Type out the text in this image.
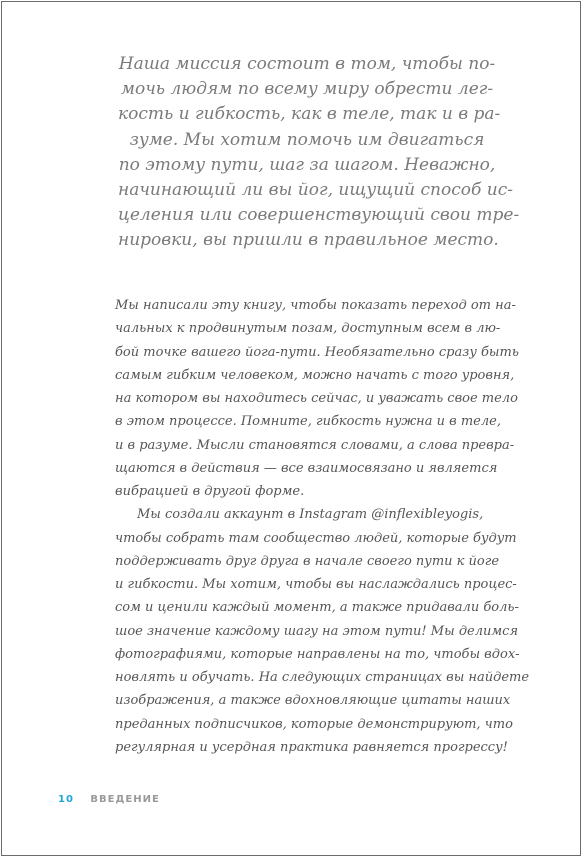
Наша миссия состоит в том, чтобы по-
мочь людям по всему миру обрести лег-
кость и гибкость, как в теле, так и в ра-
зуме. Мы хотим помочь им двигаться
по этому пути, шаг за шагом. Неважно,
начинающий ли вы йог, ищущий способ ис-
целения или совершенствующий свои тре-
нировки, вы пришли в правильное место.

Мы написали эту книгу, чтобы показать переход от на-
чальных к продвинутым позам, доступным всем в лю-
бой точке вашего йога-пути. Необязательно сразу быть
самым гибким человеком, можно начать с того уровня,
на котором вы находитесь сейчас, и уважать свое тело
в этом процессе. Помните, гибкость нужна и в теле,
и в разуме. Мысли становятся словами, а слова превра-
щаются в действия — все взаимосвязано и является
вибрацией в другой форме.
Мы создали аккаунт в Instagram @inflexibleyogis,
чтобы собрать там сообщество людей, которые будут
поддерживать друг друга в начале своего пути к йоге
и гибкости. Мы хотим, чтобы вы наслаждались процес-
сом и ценили каждый момент, а также придавали боль-
шое значение каждому шагу на этом пути! Мы делимся
фотографиями, которые направлены на то, чтобы вдох-
новлять и обучать. На следующих страницах вы найдете
изображения, а также вдохновляющие цитаты наших
преданных подписчиков, которые демонстрируют, что
регулярная и усердная практика равняется прогрессу!

10 ВВЕДЕНИЕ
